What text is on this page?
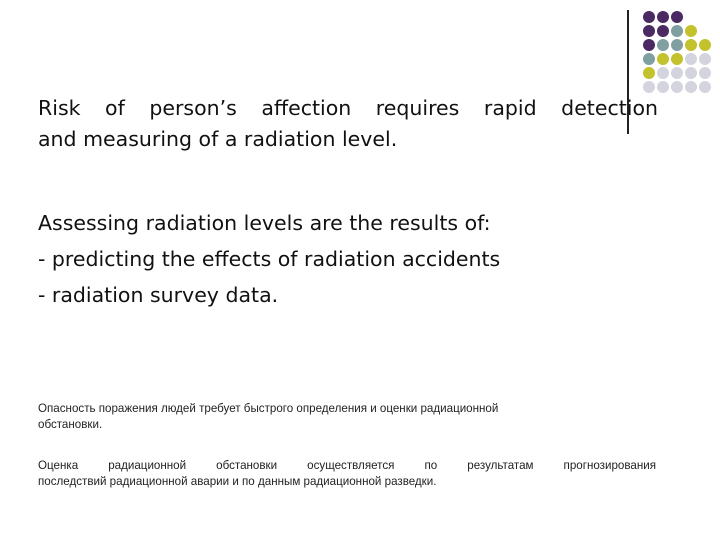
Risk of person’s affection requires rapid detection
and measuring of a radiation level.

Assessing radiation levels are the results of:
- predicting the effects of radiation accidents
- radiation survey data.

Опасность поражения людей требует быстрого определения и оценки радиационной
обстановки.

Оценка радиационной обстановки осуществляется по результатам прогнозирования
последствий радиационной аварии и по данным радиационной разведки.
